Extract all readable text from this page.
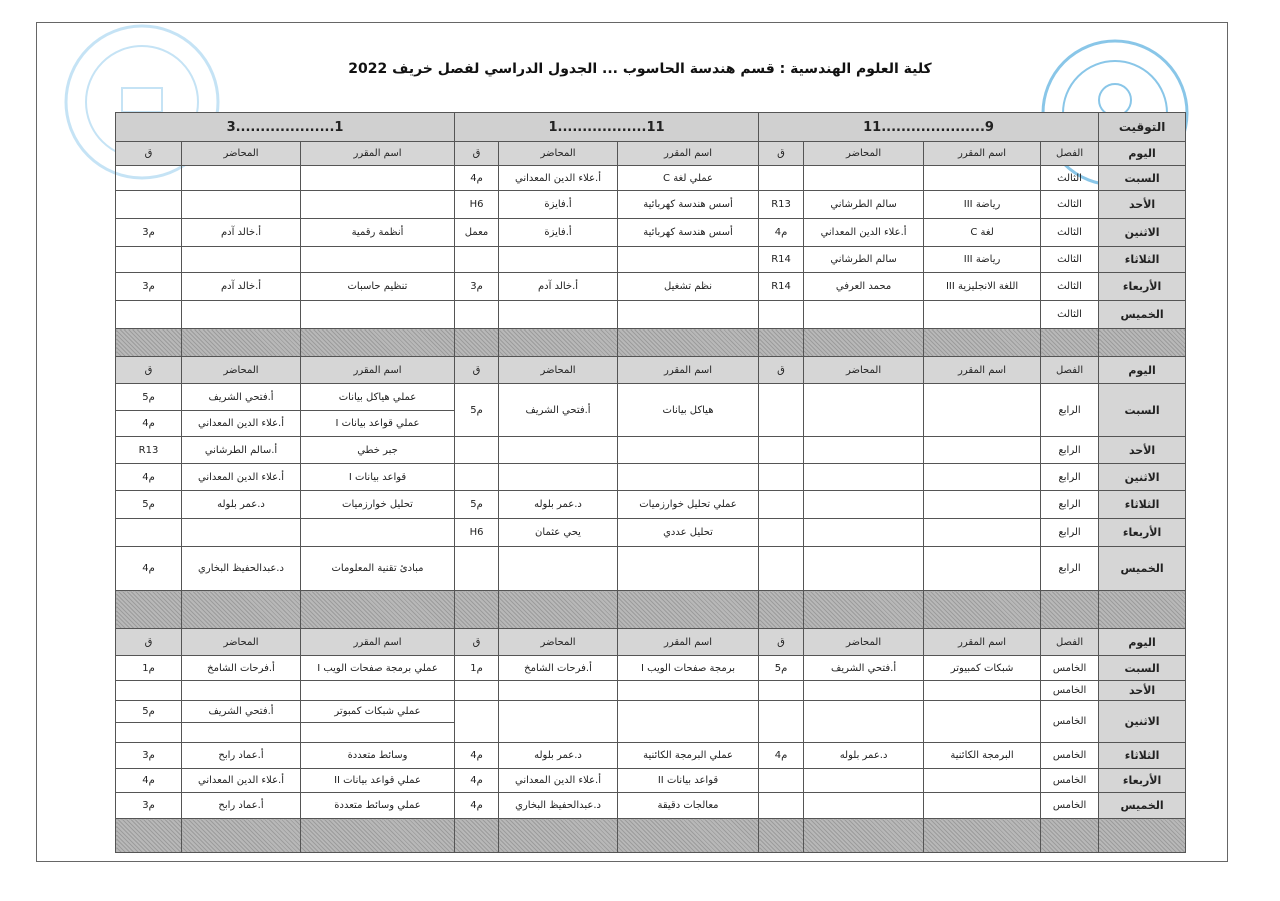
كلية العلوم الهندسية : قسم هندسة الحاسوب ... الجدول الدراسي لفصل خريف 2022
التوقيت	9.....................11				11..................1			1....................3		
اليوم	الفصل	اسم المقرر	المحاضر	ق	اسم المقرر	المحاضر	ق	اسم المقرر	المحاضر	ق
السبت	الثالث				عملي لغة C	أ.علاء الدين المعداني	م4			
الأحد	الثالث	رياضة III	سالم الطرشاني	R13	أسس هندسة كهربائية	أ.فايزة	H6			
الاثنين	الثالث	لغة C	أ.علاء الدين المعداني	م4	أسس هندسة كهربائية	أ.فايزة	معمل	أنظمة رقمية	أ.خالد آدم	م3
الثلاثاء	الثالث	رياضة III	سالم الطرشاني	R14						
الأربعاء	الثالث	اللغة الانجليزية III	محمد العرفي	R14	نظم تشغيل	أ.خالد آدم	م3	تنظيم حاسبات	أ.خالد آدم	م3
الخميس	الثالث									

اليوم	الفصل	اسم المقرر	المحاضر	ق	اسم المقرر	المحاضر	ق	اسم المقرر	المحاضر	ق
السبت	الرابع				هياكل بيانات	أ.فتحي الشريف	م5	عملي هياكل بيانات	أ.فتحي الشريف	م5
								عملي قواعد بيانات I	أ.علاء الدين المعداني	م4
الأحد	الرابع							جبر خطي	أ.سالم الطرشاني	R13
الاثنين	الرابع							قواعد بيانات I	أ.علاء الدين المعداني	م4
الثلاثاء	الرابع				عملي تحليل خوارزميات	د.عمر بلوله	م5	تحليل خوارزميات	د.عمر بلوله	م5
الأربعاء	الرابع				تحليل عددي	يحي عثمان	H6			
الخميس	الرابع							مبادئ تقنية المعلومات	د.عبدالحفيظ البخاري	م4

اليوم	الفصل	اسم المقرر	المحاضر	ق	اسم المقرر	المحاضر	ق	اسم المقرر	المحاضر	ق
السبت	الخامس	شبكات كمبيوتر	أ.فتحي الشريف	م5	برمجة صفحات الويب I	أ.فرحات الشامخ	م1	عملي برمجة صفحات الويب I	أ.فرحات الشامخ	م1
الأحد	الخامس									
الاثنين	الخامس							عملي شبكات كمبوتر	أ.فتحي الشريف	م5

الثلاثاء	الخامس	البرمجة الكائنية	د.عمر بلوله	م4	عملي البرمجة الكائنية	د.عمر بلوله	م4	وسائط متعددة	أ.عماد رابح	م3
الأربعاء	الخامس				قواعد بيانات II	أ.علاء الدين المعداني	م4	عملي قواعد بيانات II	أ.علاء الدين المعداني	م4
الخميس	الخامس				معالجات دقيقة	د.عبدالحفيظ البخاري	م4	عملي وسائط متعددة	أ.عماد رابح	م3
